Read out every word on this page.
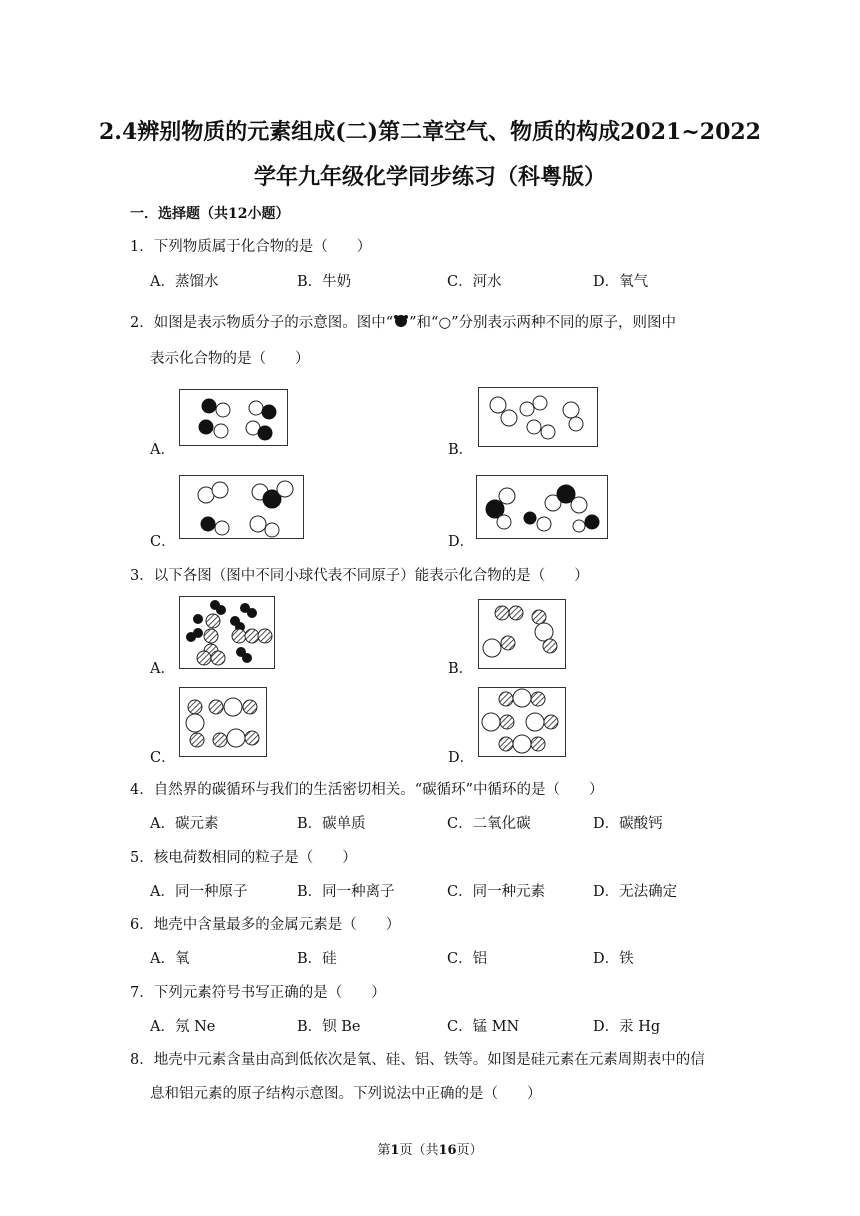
2.4辨别物质的元素组成(二)第二章空气、物质的构成2021~2022
学年九年级化学同步练习（科粤版）
一．选择题（共12小题）
1．下列物质属于化合物的是（　　）
A．蒸馏水	B．牛奶	C．河水	D．氧气
2．如图是表示物质分子的示意图。图中“ ”和“○”分别表示两种不同的原子，则图中
表示化合物的是（　　）
A．	B．
C．	D．
3．以下各图（图中不同小球代表不同原子）能表示化合物的是（　　）
A．	B．
C．	D．
4．自然界的碳循环与我们的生活密切相关。“碳循环”中循环的是（　　）
A．碳元素	B．碳单质	C．二氧化碳	D．碳酸钙
5．核电荷数相同的粒子是（　　）
A．同一种原子	B．同一种离子	C．同一种元素	D．无法确定
6．地壳中含量最多的金属元素是（　　）
A．氧	B．硅	C．铝	D．铁
7．下列元素符号书写正确的是（　　）
A．氖 Ne	B．钡 Be	C．锰 MN	D．汞 Hg
8．地壳中元素含量由高到低依次是氧、硅、铝、铁等。如图是硅元素在元素周期表中的信
息和铝元素的原子结构示意图。下列说法中正确的是（　　）
第1页（共16页）
